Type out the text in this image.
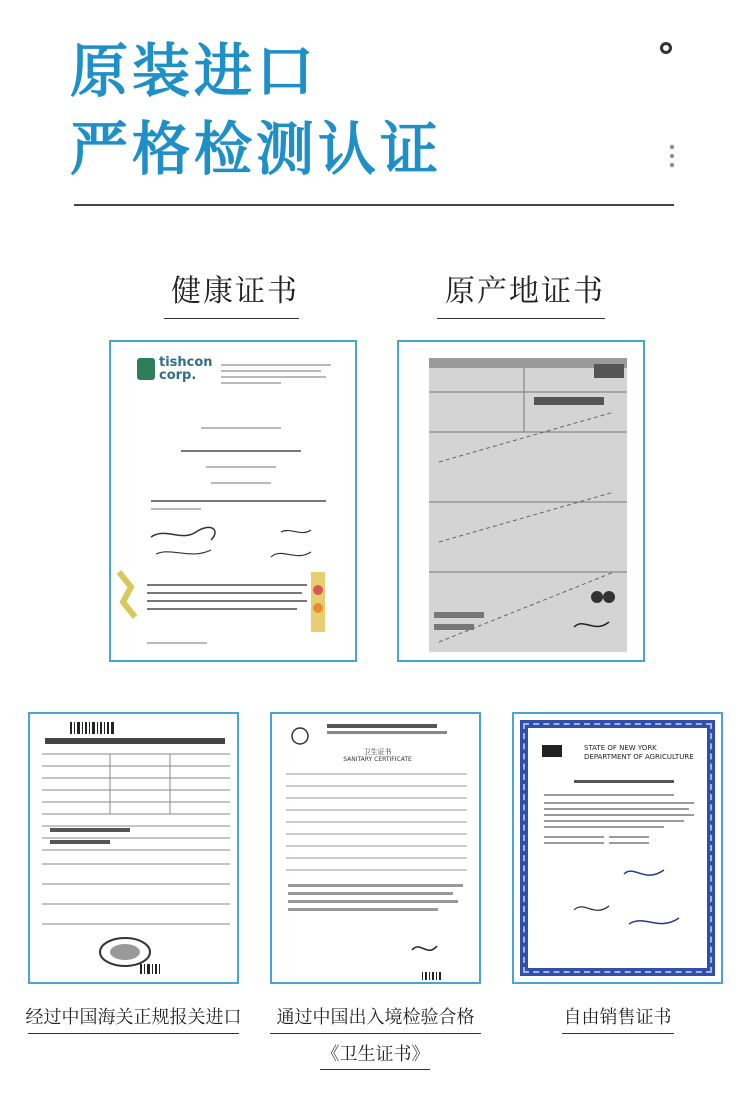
原装进口
严格检测认证
健康证书	原产地证书
tishcon corp.
卫生证书
SANITARY CERTIFICATE
STATE OF NEW YORK
DEPARTMENT OF AGRICULTURE
经过中国海关正规报关进口	通过中国出入境检验合格
《卫生证书》
自由销售证书
